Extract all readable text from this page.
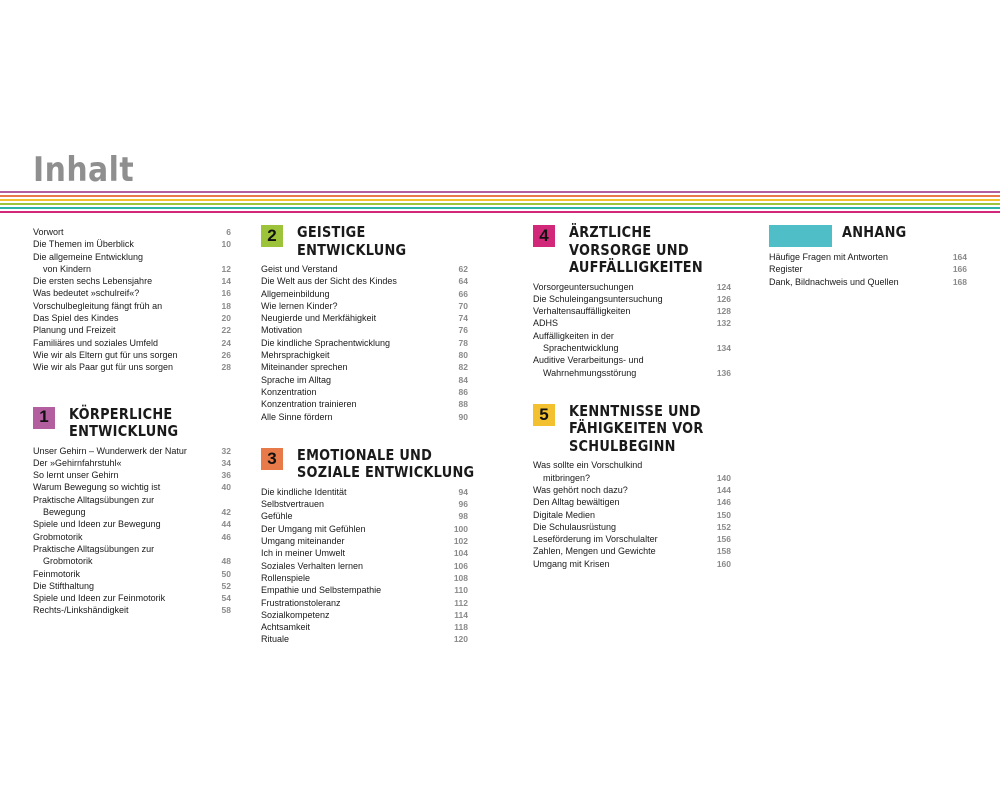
Inhalt
Vorwort	6
Die Themen im Überblick	10
Die allgemeine Entwicklung
von Kindern	12
Die ersten sechs Lebensjahre	14
Was bedeutet »schulreif«?	16
Vorschulbegleitung fängt früh an	18
Das Spiel des Kindes	20
Planung und Freizeit	22
Familiäres und soziales Umfeld	24
Wie wir als Eltern gut für uns sorgen	26
Wie wir als Paar gut für uns sorgen	28
1	KÖRPERLICHE
ENTWICKLUNG
Unser Gehirn – Wunderwerk der Natur	32
Der »Gehirnfahrstuhl«	34
So lernt unser Gehirn	36
Warum Bewegung so wichtig ist	40
Praktische Alltagsübungen zur
Bewegung	42
Spiele und Ideen zur Bewegung	44
Grobmotorik	46
Praktische Alltagsübungen zur
Grobmotorik	48
Feinmotorik	50
Die Stifthaltung	52
Spiele und Ideen zur Feinmotorik	54
Rechts-/Linkshändigkeit	58
2	GEISTIGE
ENTWICKLUNG
Geist und Verstand	62
Die Welt aus der Sicht des Kindes	64
Allgemeinbildung	66
Wie lernen Kinder?	70
Neugierde und Merkfähigkeit	74
Motivation	76
Die kindliche Sprachentwicklung	78
Mehrsprachigkeit	80
Miteinander sprechen	82
Sprache im Alltag	84
Konzentration	86
Konzentration trainieren	88
Alle Sinne fördern	90
3	EMOTIONALE UND
SOZIALE ENTWICKLUNG
Die kindliche Identität	94
Selbstvertrauen	96
Gefühle	98
Der Umgang mit Gefühlen	100
Umgang miteinander	102
Ich in meiner Umwelt	104
Soziales Verhalten lernen	106
Rollenspiele	108
Empathie und Selbstempathie	110
Frustrationstoleranz	112
Sozialkompetenz	114
Achtsamkeit	118
Rituale	120
4	ÄRZTLICHE
VORSORGE UND
AUFFÄLLIGKEITEN
Vorsorgeuntersuchungen	124
Die Schuleingangsuntersuchung	126
Verhaltensauffälligkeiten	128
ADHS	132
Auffälligkeiten in der
Sprachentwicklung	134
Auditive Verarbeitungs- und
Wahrnehmungsstörung	136
5	KENNTNISSE UND
FÄHIGKEITEN VOR
SCHULBEGINN
Was sollte ein Vorschulkind
mitbringen?	140
Was gehört noch dazu?	144
Den Alltag bewältigen	146
Digitale Medien	150
Die Schulausrüstung	152
Leseförderung im Vorschulalter	156
Zahlen, Mengen und Gewichte	158
Umgang mit Krisen	160
ANHANG
Häufige Fragen mit Antworten	164
Register	166
Dank, Bildnachweis und Quellen	168
